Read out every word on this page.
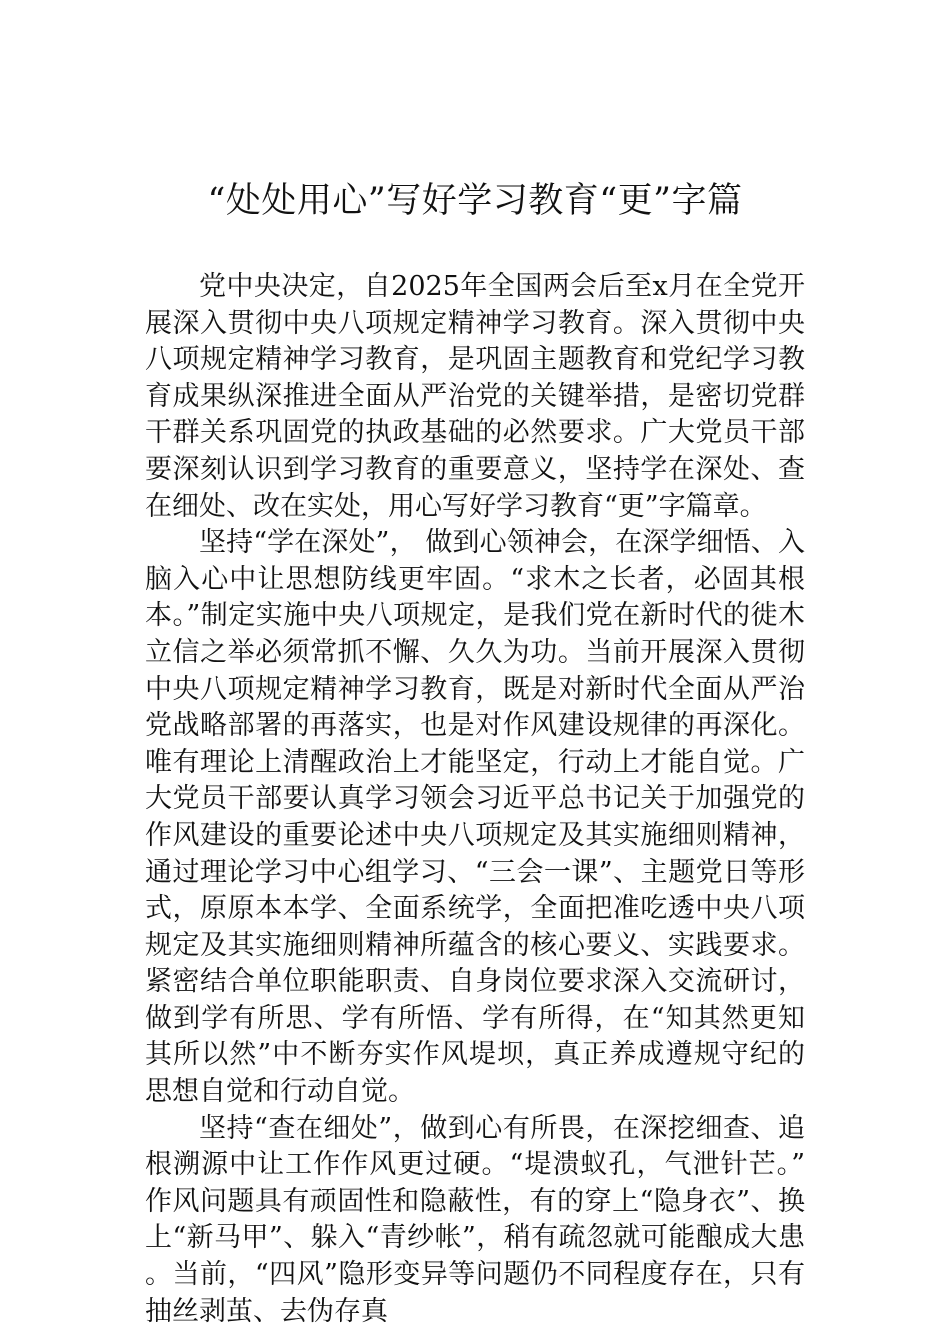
“处处用心”写好学习教育“更”字篇

党中央决定，自2025年全国两会后至x月在全党开展深入贯彻中央八项规定精神学习教育。深入贯彻中央八项规定精神学习教育，是巩固主题教育和党纪学习教育成果纵深推进全面从严治党的关键举措，是密切党群干群关系巩固党的执政基础的必然要求。广大党员干部要深刻认识到学习教育的重要意义，坚持学在深处、查在细处、改在实处，用心写好学习教育“更”字篇章。

坚持“学在深处”， 做到心领神会，在深学细悟、入脑入心中让思想防线更牢固。“求木之长者，必固其根本。”制定实施中央八项规定，是我们党在新时代的徙木立信之举必须常抓不懈、久久为功。当前开展深入贯彻中央八项规定精神学习教育，既是对新时代全面从严治党战略部署的再落实，也是对作风建设规律的再深化。唯有理论上清醒政治上才能坚定，行动上才能自觉。广大党员干部要认真学习领会习近平总书记关于加强党的作风建设的重要论述中央八项规定及其实施细则精神，通过理论学习中心组学习、“三会一课”、主题党日等形式，原原本本学、全面系统学，全面把准吃透中央八项规定及其实施细则精神所蕴含的核心要义、实践要求。紧密结合单位职能职责、自身岗位要求深入交流研讨，做到学有所思、学有所悟、学有所得，在“知其然更知其所以然”中不断夯实作风堤坝，真正养成遵规守纪的思想自觉和行动自觉。

坚持“查在细处”，做到心有所畏，在深挖细查、追根溯源中让工作作风更过硬。“堤溃蚁孔，气泄针芒。”作风问题具有顽固性和隐蔽性，有的穿上“隐身衣”、换上“新马甲”、躲入“青纱帐”，稍有疏忽就可能酿成大患。当前，“四风”隐形变异等问题仍不同程度存在，只有抽丝剥茧、去伪存真
